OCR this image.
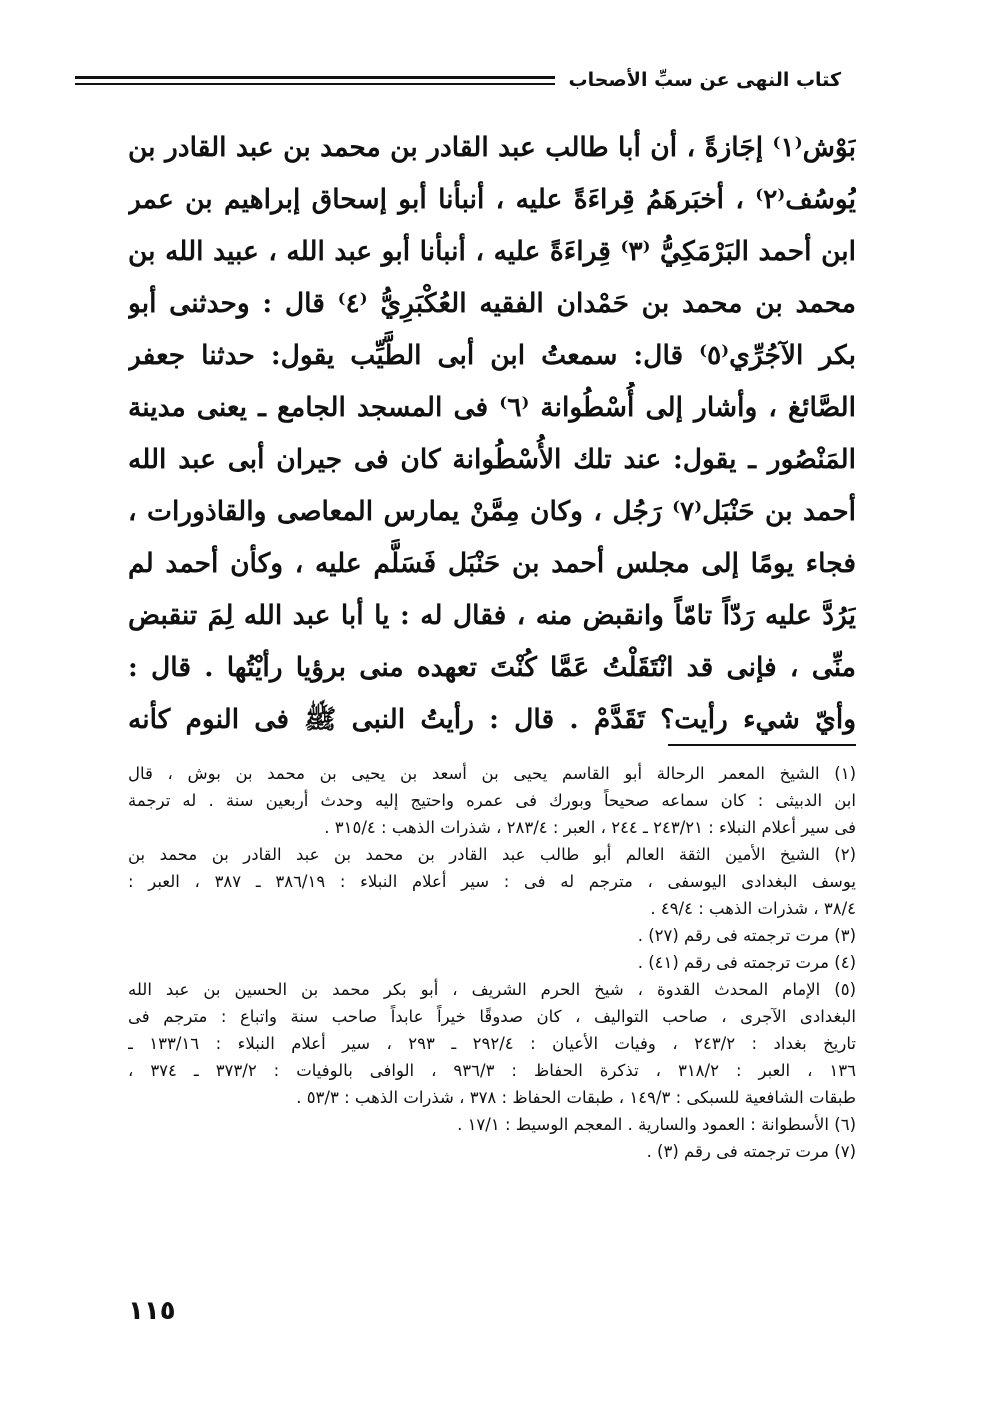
كتاب النهى عن سبِّ الأصحاب
بَوْش⁽١⁾ إجَازةً ، أن أبا طالب عبد القادر بن محمد بن عبد القادر بن
يُوسُف⁽٢⁾ ، أخبَرهَمُ قِراءَةً عليه ، أنبأنا أبو إسحاق إبراهيم بن عمر
ابن أحمد البَرْمَكِيُّ ⁽٣⁾ قِراءَةً عليه ، أنبأنا أبو عبد الله ، عبيد الله بن
محمد بن محمد بن حَمْدان الفقيه العُكْبَرِيُّ ⁽٤⁾ قال : وحدثنى أبو
بكر الآجُرِّي⁽٥⁾ قال: سمعتُ ابن أبى الطَّيِّب يقول: حدثنا جعفر
الصَّائغ ، وأشار إلى أُسْطُوانة ⁽٦⁾ فى المسجد الجامع ـ يعنى مدينة
المَنْصُور ـ يقول: عند تلك الأُسْطُوانة كان فى جيران أبى عبد الله
أحمد بن حَنْبَل⁽٧⁾ رَجُل ، وكان مِمَّنْ يمارس المعاصى والقاذورات ،
فجاء يومًا إلى مجلس أحمد بن حَنْبَل فَسَلَّم عليه ، وكأن أحمد لم
يَرُدَّ عليه رَدّاً تامّاً وانقبض منه ، فقال له : يا أبا عبد الله لِمَ تنقبض
منِّى ، فإنى قد انْتَقَلْتُ عَمَّا كُنْتَ تعهده منى برؤيا رأيْتُها . قال :
وأيّ شيء رأيت؟ تَقَدَّمْ . قال : رأيتُ النبى ﷺ فى النوم كأنه
(١) الشيخ المعمر الرحالة أبو القاسم يحيى بن أسعد بن يحيى بن محمد بن بوش ، قال
ابن الدبيثى : كان سماعه صحيحاً وبورك فى عمره واحتيج إليه وحدث أربعين سنة . له ترجمة
فى سير أعلام النبلاء : ٢٤٣/٢١ ـ ٢٤٤ ، العبر : ٢٨٣/٤ ، شذرات الذهب : ٣١٥/٤ .
(٢) الشيخ الأمين الثقة العالم أبو طالب عبد القادر بن محمد بن عبد القادر بن محمد بن
يوسف البغدادى اليوسفى ، مترجم له فى : سير أعلام النبلاء : ٣٨٦/١٩ ـ ٣٨٧ ، العبر :
٣٨/٤ ، شذرات الذهب : ٤٩/٤ .
(٣) مرت ترجمته فى رقم (٢٧) .
(٤) مرت ترجمته فى رقم (٤١) .
(٥) الإمام المحدث القدوة ، شيخ الحرم الشريف ، أبو بكر محمد بن الحسين بن عبد الله
البغدادى الآجرى ، صاحب التواليف ، كان صدوقًا خيراً عابداً صاحب سنة واتباع : مترجم فى
تاريخ بغداد : ٢٤٣/٢ ، وفيات الأعيان : ٢٩٢/٤ ـ ٢٩٣ ، سير أعلام النبلاء : ١٣٣/١٦ ـ
١٣٦ ، العبر : ٣١٨/٢ ، تذكرة الحفاظ : ٩٣٦/٣ ، الوافى بالوفيات : ٣٧٣/٢ ـ ٣٧٤ ،
طبقات الشافعية للسبكى : ١٤٩/٣ ، طبقات الحفاظ : ٣٧٨ ، شذرات الذهب : ٥٣/٣ .
(٦) الأسطوانة : العمود والسارية . المعجم الوسيط : ١٧/١ .
(٧) مرت ترجمته فى رقم (٣) .
١١٥
